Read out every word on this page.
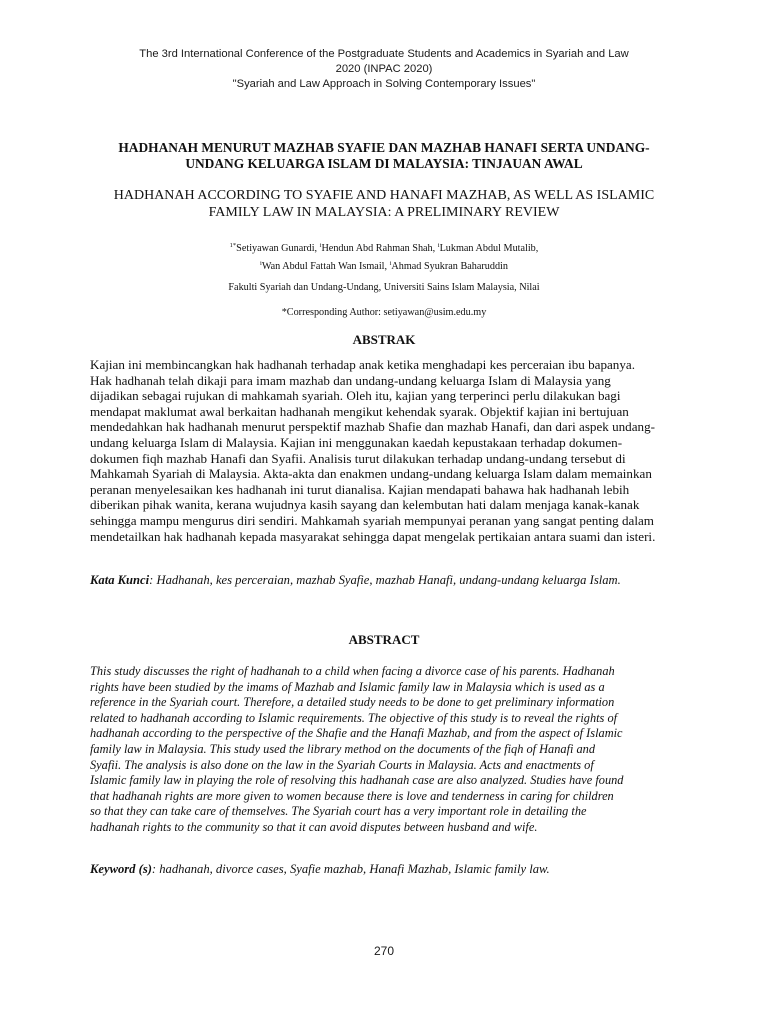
The 3rd International Conference of the Postgraduate Students and Academics in Syariah and Law
2020 (INPAC 2020)
"Syariah and Law Approach in Solving Contemporary Issues"
HADHANAH MENURUT MAZHAB SYAFIE DAN MAZHAB HANAFI SERTA UNDANG-
UNDANG KELUARGA ISLAM DI MALAYSIA: TINJAUAN AWAL
HADHANAH ACCORDING TO SYAFIE AND HANAFI MAZHAB, AS WELL AS ISLAMIC
FAMILY LAW IN MALAYSIA: A PRELIMINARY REVIEW
$^{1*}$Setiyawan Gunardi, $^i$Hendun Abd Rahman Shah, $^i$Lukman Abdul Mutalib,
$^i$Wan Abdul Fattah Wan Ismail, $^i$Ahmad Syukran Baharuddin
Fakulti Syariah dan Undang-Undang, Universiti Sains Islam Malaysia, Nilai
*Corresponding Author: setiyawan@usim.edu.my
ABSTRAK
Kajian ini membincangkan hak hadhanah terhadap anak ketika menghadapi kes perceraian ibu bapanya.
Hak hadhanah telah dikaji para imam mazhab dan undang-undang keluarga Islam di Malaysia yang
dijadikan sebagai rujukan di mahkamah syariah. Oleh itu, kajian yang terperinci perlu dilakukan bagi
mendapat maklumat awal berkaitan hadhanah mengikut kehendak syarak. Objektif kajian ini bertujuan
mendedahkan hak hadhanah menurut perspektif mazhab Shafie dan mazhab Hanafi, dan dari aspek undang-
undang keluarga Islam di Malaysia. Kajian ini menggunakan kaedah kepustakaan terhadap dokumen-
dokumen fiqh mazhab Hanafi dan Syafii. Analisis turut dilakukan terhadap undang-undang tersebut di
Mahkamah Syariah di Malaysia. Akta-akta dan enakmen undang-undang keluarga Islam dalam memainkan
peranan menyelesaikan kes hadhanah ini turut dianalisa. Kajian mendapati bahawa hak hadhanah lebih
diberikan pihak wanita, kerana wujudnya kasih sayang dan kelembutan hati dalam menjaga kanak-kanak
sehingga mampu mengurus diri sendiri. Mahkamah syariah mempunyai peranan yang sangat penting dalam
mendetailkan hak hadhanah kepada masyarakat sehingga dapat mengelak pertikaian antara suami dan isteri.
Kata Kunci: Hadhanah, kes perceraian, mazhab Syafie, mazhab Hanafi, undang-undang keluarga Islam.
ABSTRACT
This study discusses the right of hadhanah to a child when facing a divorce case of his parents. Hadhanah
rights have been studied by the imams of Mazhab and Islamic family law in Malaysia which is used as a
reference in the Syariah court. Therefore, a detailed study needs to be done to get preliminary information
related to hadhanah according to Islamic requirements. The objective of this study is to reveal the rights of
hadhanah according to the perspective of the Shafie and the Hanafi Mazhab, and from the aspect of Islamic
family law in Malaysia. This study used the library method on the documents of the fiqh of Hanafi and
Syafii. The analysis is also done on the law in the Syariah Courts in Malaysia. Acts and enactments of
Islamic family law in playing the role of resolving this hadhanah case are also analyzed. Studies have found
that hadhanah rights are more given to women because there is love and tenderness in caring for children
so that they can take care of themselves. The Syariah court has a very important role in detailing the
hadhanah rights to the community so that it can avoid disputes between husband and wife.
Keyword (s): hadhanah, divorce cases, Syafie mazhab, Hanafi Mazhab, Islamic family law.
270
